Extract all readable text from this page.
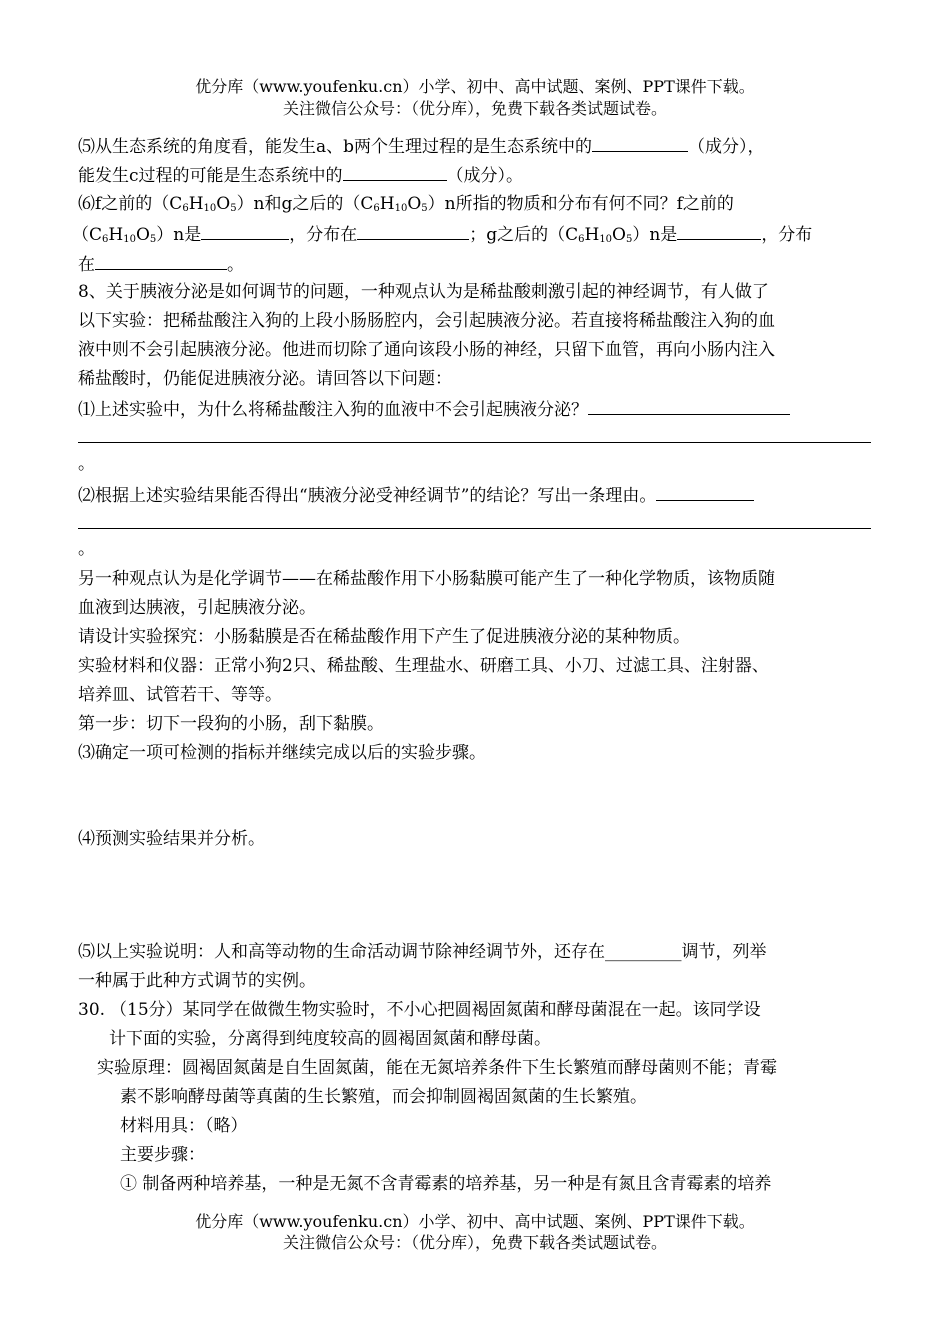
优分库（www.youfenku.cn）小学、初中、高中试题、案例、PPT课件下载。
关注微信公众号：（优分库），免费下载各类试题试卷。
⑸从生态系统的角度看，能发生a、b两个生理过程的是生态系统中的	（成分），
能发生c过程的可能是生态系统中的	（成分）。
⑹f之前的$(C_6H_{10}O_5)n$和g之后的$(C_6H_{10}O_5)n$所指的物质和分布有何不同？f之前的
$(C_6H_{10}O_5)n$是	，分布在	；g之后的$(C_6H_{10}O_5)n$是	，分布
在	。
8、关于胰液分泌是如何调节的问题，一种观点认为是稀盐酸刺激引起的神经调节，有人做了
以下实验：把稀盐酸注入狗的上段小肠肠腔内，会引起胰液分泌。若直接将稀盐酸注入狗的血
液中则不会引起胰液分泌。他进而切除了通向该段小肠的神经，只留下血管，再向小肠内注入
稀盐酸时，仍能促进胰液分泌。请回答以下问题：
⑴上述实验中，为什么将稀盐酸注入狗的血液中不会引起胰液分泌？
。
⑵根据上述实验结果能否得出“胰液分泌受神经调节”的结论？写出一条理由。
。
另一种观点认为是化学调节——在稀盐酸作用下小肠黏膜可能产生了一种化学物质，该物质随
血液到达胰液，引起胰液分泌。
请设计实验探究：小肠黏膜是否在稀盐酸作用下产生了促进胰液分泌的某种物质。
实验材料和仪器：正常小狗2只、稀盐酸、生理盐水、研磨工具、小刀、过滤工具、注射器、
培养皿、试管若干、等等。
第一步：切下一段狗的小肠，刮下黏膜。
⑶确定一项可检测的指标并继续完成以后的实验步骤。
⑷预测实验结果并分析。
⑸以上实验说明：人和高等动物的生命活动调节除神经调节外，还存在_________调节，列举
一种属于此种方式调节的实例。
30. （15分）某同学在做微生物实验时，不小心把圆褐固氮菌和酵母菌混在一起。该同学设
计下面的实验，分离得到纯度较高的圆褐固氮菌和酵母菌。
实验原理：圆褐固氮菌是自生固氮菌，能在无氮培养条件下生长繁殖而酵母菌则不能；青霉
素不影响酵母菌等真菌的生长繁殖，而会抑制圆褐固氮菌的生长繁殖。
材料用具：（略）
主要步骤：
① 制备两种培养基，一种是无氮不含青霉素的培养基，另一种是有氮且含青霉素的培养
优分库（www.youfenku.cn）小学、初中、高中试题、案例、PPT课件下载。
关注微信公众号：（优分库），免费下载各类试题试卷。
